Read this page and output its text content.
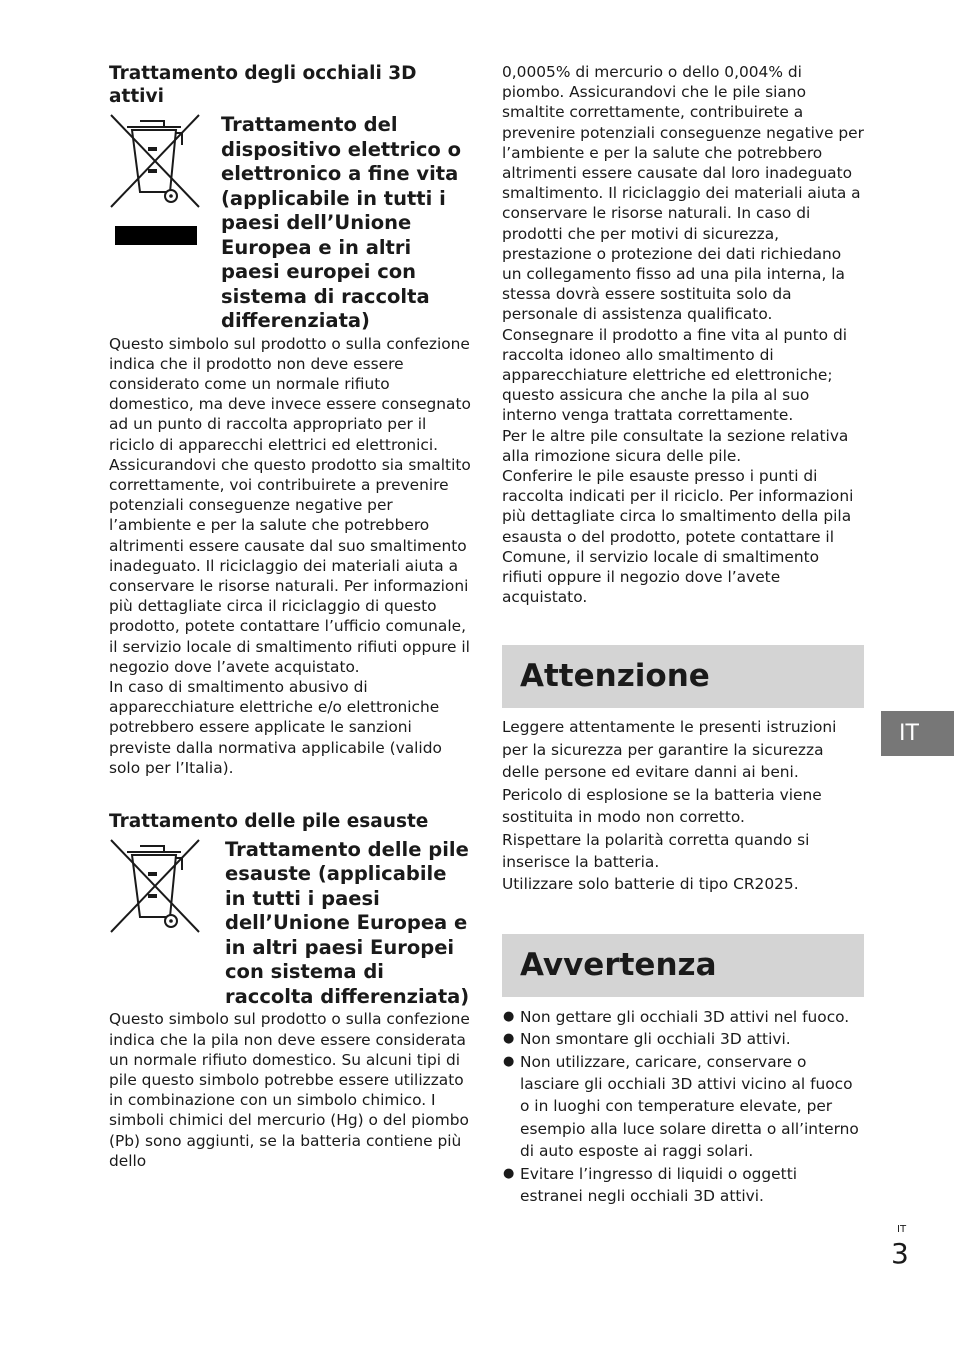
Trattamento degli occhiali 3D attivi
Trattamento del dispositivo elettrico o elettronico a fine vita (applicabile in tutti i paesi dell’Unione Europea e in altri paesi europei con sistema di raccolta differenziata)

Questo simbolo sul prodotto o sulla confezione indica che il prodotto non deve essere considerato come un normale rifiuto domestico, ma deve invece essere consegnato ad un punto di raccolta appropriato per il riciclo di apparecchi elettrici ed elettronici. Assicurandovi che questo prodotto sia smaltito correttamente, voi contribuirete a prevenire potenziali conseguenze negative per l’ambiente e per la salute che potrebbero altrimenti essere causate dal suo smaltimento inadeguato. Il riciclaggio dei materiali aiuta a conservare le risorse naturali. Per informazioni più dettagliate circa il riciclaggio di questo prodotto, potete contattare l’ufficio comunale, il servizio locale di smaltimento rifiuti oppure il negozio dove l’avete acquistato.

In caso di smaltimento abusivo di apparecchiature elettriche e/o elettroniche potrebbero essere applicate le sanzioni previste dalla normativa applicabile (valido solo per l’Italia).

Trattamento delle pile esauste
Trattamento delle pile esauste (applicabile in tutti i paesi dell’Unione Europea e in altri paesi Europei con sistema di raccolta differenziata)

Questo simbolo sul prodotto o sulla confezione indica che la pila non deve essere considerata un normale rifiuto domestico. Su alcuni tipi di pile questo simbolo potrebbe essere utilizzato in combinazione con un simbolo chimico. I simboli chimici del mercurio (Hg) o del piombo (Pb) sono aggiunti, se la batteria contiene più dello

0,0005% di mercurio o dello 0,004% di piombo. Assicurandovi che le pile siano smaltite correttamente, contribuirete a prevenire potenziali conseguenze negative per l’ambiente e per la salute che potrebbero altrimenti essere causate dal loro inadeguato smaltimento. Il riciclaggio dei materiali aiuta a conservare le risorse naturali. In caso di prodotti che per motivi di sicurezza, prestazione o protezione dei dati richiedano un collegamento fisso ad una pila interna, la stessa dovrà essere sostituita solo da personale di assistenza qualificato.

Consegnare il prodotto a fine vita al punto di raccolta idoneo allo smaltimento di apparecchiature elettriche ed elettroniche; questo assicura che anche la pila al suo interno venga trattata correttamente.

Per le altre pile consultate la sezione relativa alla rimozione sicura delle pile.

Conferire le pile esauste presso i punti di raccolta indicati per il riciclo. Per informazioni più dettagliate circa lo smaltimento della pila esausta o del prodotto, potete contattare il Comune, il servizio locale di smaltimento rifiuti oppure il negozio dove l’avete acquistato.

Attenzione

Leggere attentamente le presenti istruzioni per la sicurezza per garantire la sicurezza delle persone ed evitare danni ai beni.

Pericolo di esplosione se la batteria viene sostituita in modo non corretto.

Rispettare la polarità corretta quando si inserisce la batteria.

Utilizzare solo batterie di tipo CR2025.

Avvertenza
● Non gettare gli occhiali 3D attivi nel fuoco.
● Non smontare gli occhiali 3D attivi.
● Non utilizzare, caricare, conservare o lasciare gli occhiali 3D attivi vicino al fuoco o in luoghi con temperature elevate, per esempio alla luce solare diretta o all’interno di auto esposte ai raggi solari.
● Evitare l’ingresso di liquidi o oggetti estranei negli occhiali 3D attivi.
IT
IT
3
